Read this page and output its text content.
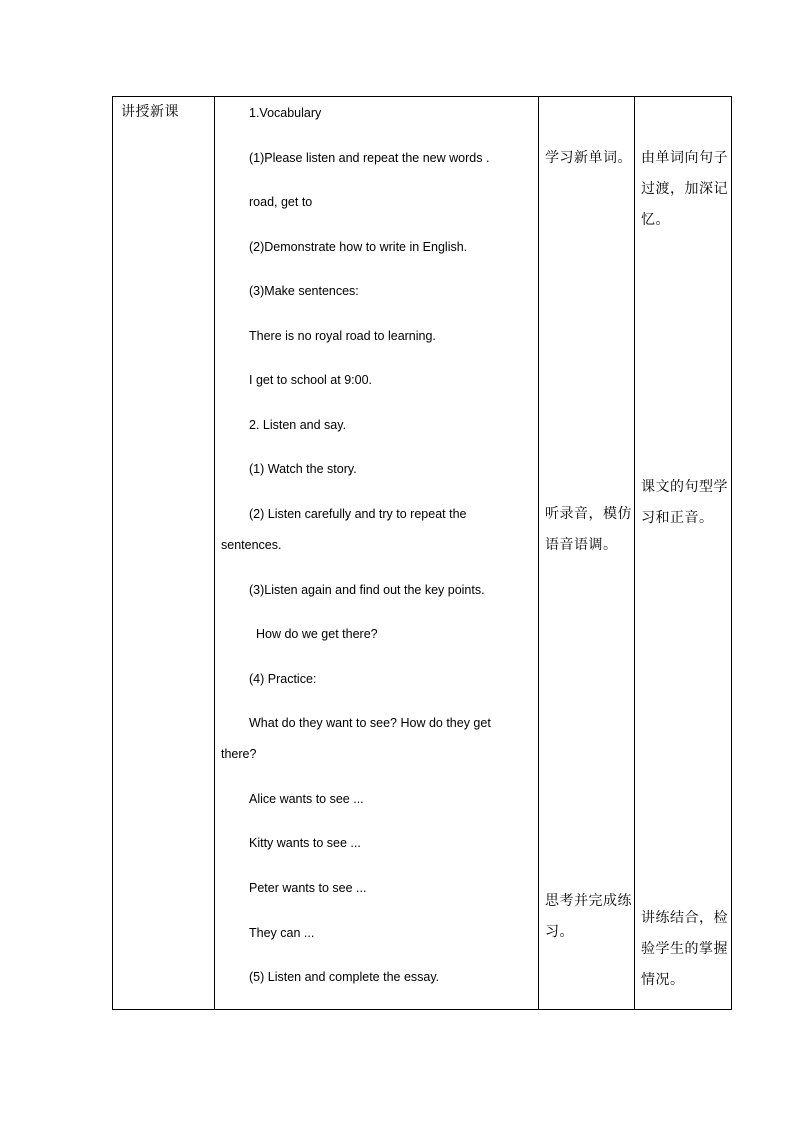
讲授新课	1.Vocabulary
(1)Please listen and repeat the new words .
road, get to
(2)Demonstrate how to write in English.
(3)Make sentences:
There is no royal road to learning.
I get to school at 9:00.
2. Listen and say.
(1) Watch the story.
(2) Listen carefully and try to repeat the
sentences.
(3)Listen again and find out the key points.
How do we get there?
(4) Practice:
What do they want to see? How do they get
there?
Alice wants to see ...
Kitty wants to see ...
Peter wants to see ...
They can ...
(5) Listen and complete the essay.
学习新单词。
听录音，模仿语音语调。
思考并完成练习。
由单词向句子过渡，加深记忆。
课文的句型学习和正音。
讲练结合，检验学生的掌握情况。
